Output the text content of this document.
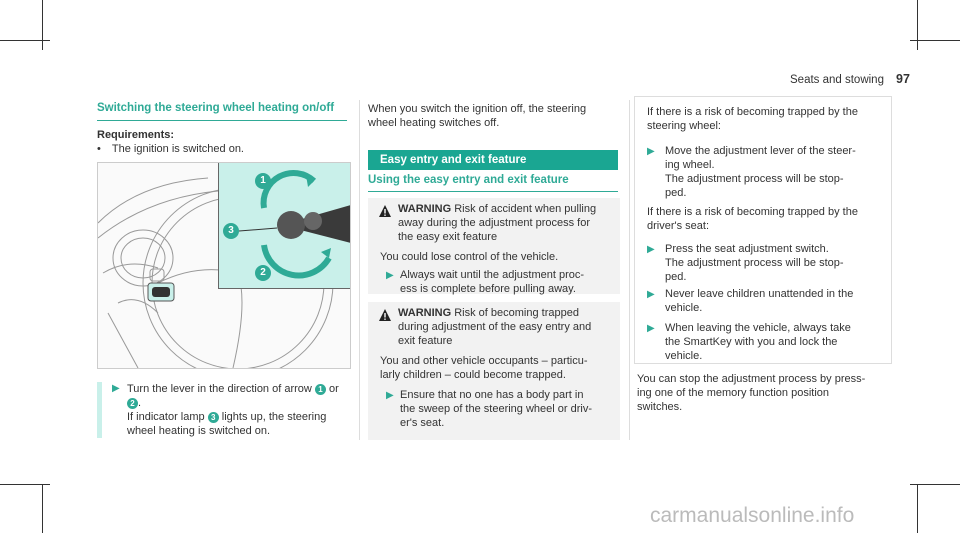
Seats and stowing 97
Switching the steering wheel heating on/off
Requirements:
• The ignition is switched on.
1
3
2
▶ Turn the lever in the direction of arrow 1 or
2 .
If indicator lamp 3 lights up, the steering
wheel heating is switched on.
When you switch the ignition off, the steering
wheel heating switches off.
Easy entry and exit feature
Using the easy entry and exit feature
WARNING Risk of accident when pulling
away during the adjustment process for
the easy exit feature
You could lose control of the vehicle.
▶ Always wait until the adjustment proc-
ess is complete before pulling away.
WARNING Risk of becoming trapped
during adjustment of the easy entry and
exit feature
You and other vehicle occupants – particu-
larly children – could become trapped.
▶ Ensure that no one has a body part in
the sweep of the steering wheel or driv-
er's seat.
If there is a risk of becoming trapped by the
steering wheel:
▶ Move the adjustment lever of the steer-
ing wheel.
The adjustment process will be stop-
ped.
If there is a risk of becoming trapped by the
driver's seat:
▶ Press the seat adjustment switch.
The adjustment process will be stop-
ped.
▶ Never leave children unattended in the
vehicle.
▶ When leaving the vehicle, always take
the SmartKey with you and lock the
vehicle.
You can stop the adjustment process by press-
ing one of the memory function position
switches.
carmanualsonline.info
